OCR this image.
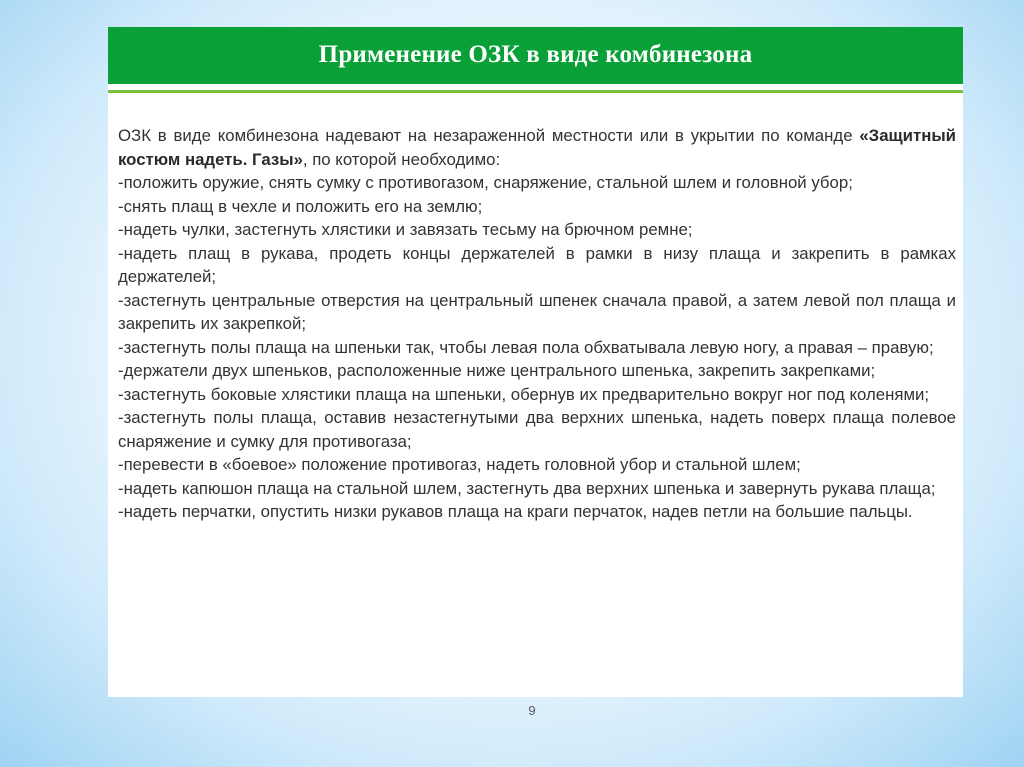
Применение ОЗК в виде комбинезона

ОЗК в виде комбинезона надевают на незараженной местности или в укрытии по команде «Защитный костюм надеть. Газы», по которой необходимо:

-положить оружие, снять сумку с противогазом, снаряжение, стальной шлем и головной убор;

-снять плащ в чехле и положить его на землю;

-надеть чулки, застегнуть хлястики и завязать тесьму на брючном ремне;

-надеть плащ в рукава, продеть концы держателей в рамки в низу плаща и закрепить в рамках держателей;

-застегнуть центральные отверстия на центральный шпенек сначала правой, а затем левой пол плаща и закрепить их закрепкой;

-застегнуть полы плаща на шпеньки так, чтобы левая пола обхватывала левую ногу, а правая – правую;

-держатели двух шпеньков, расположенные ниже центрального шпенька, закрепить закрепками;

-застегнуть боковые хлястики плаща на шпеньки, обернув их предварительно вокруг ног под коленями;

-застегнуть полы плаща, оставив незастегнутыми два верхних шпенька, надеть поверх плаща полевое снаряжение и сумку для противогаза;

-перевести в «боевое» положение противогаз, надеть головной убор и стальной шлем;

-надеть капюшон плаща на стальной шлем, застегнуть два верхних шпенька и завернуть рукава плаща;

-надеть перчатки, опустить низки рукавов плаща на краги перчаток, надев петли на большие пальцы.

9
